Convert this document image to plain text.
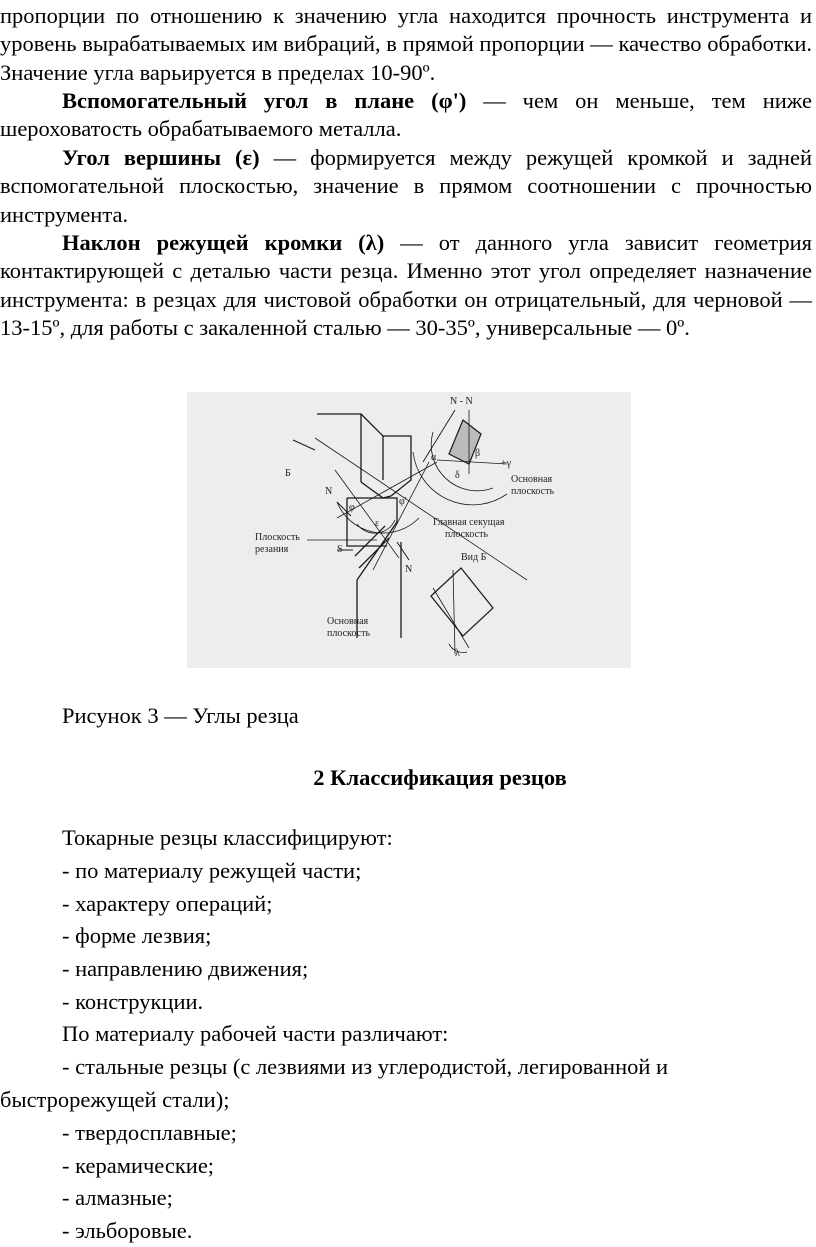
пропорции по отношению к значению угла находится прочность инструмента и уровень вырабатываемых им вибраций, в прямой пропорции — качество обработки. Значение угла варьируется в пределах 10-90º.

Вспомогательный угол в плане (φ') — чем он меньше, тем ниже шероховатость обрабатываемого металла.

Угол вершины (ε) — формируется между режущей кромкой и задней вспомогательной плоскостью, значение в прямом соотношении с прочностью инструмента.

Наклон режущей кромки (λ) — от данного угла зависит геометрия контактирующей с деталью части резца. Именно этот угол определяет назначение инструмента: в резцах для чистовой обработки он отрицательный, для черновой — 13-15º, для работы с закаленной сталью — 30-35º, универсальные — 0º.

N - N
Б
N
N
S
φ
φ'
ε
α	β
+γ
δ
λ
Основная
плоскость
Главная секущая
плоскость
Плоскость
резания
Вид Б
Основная
плоскость
Рисунок 3 — Углы резца
2 Классификация резцов
Токарные резцы классифицируют:
- по материалу режущей части;
- характеру операций;
- форме лезвия;
- направлению движения;
- конструкции.
По материалу рабочей части различают:
- стальные резцы (с лезвиями из углеродистой, легированной и
быстрорежущей стали);
- твердосплавные;
- керамические;
- алмазные;
- эльборовые.
